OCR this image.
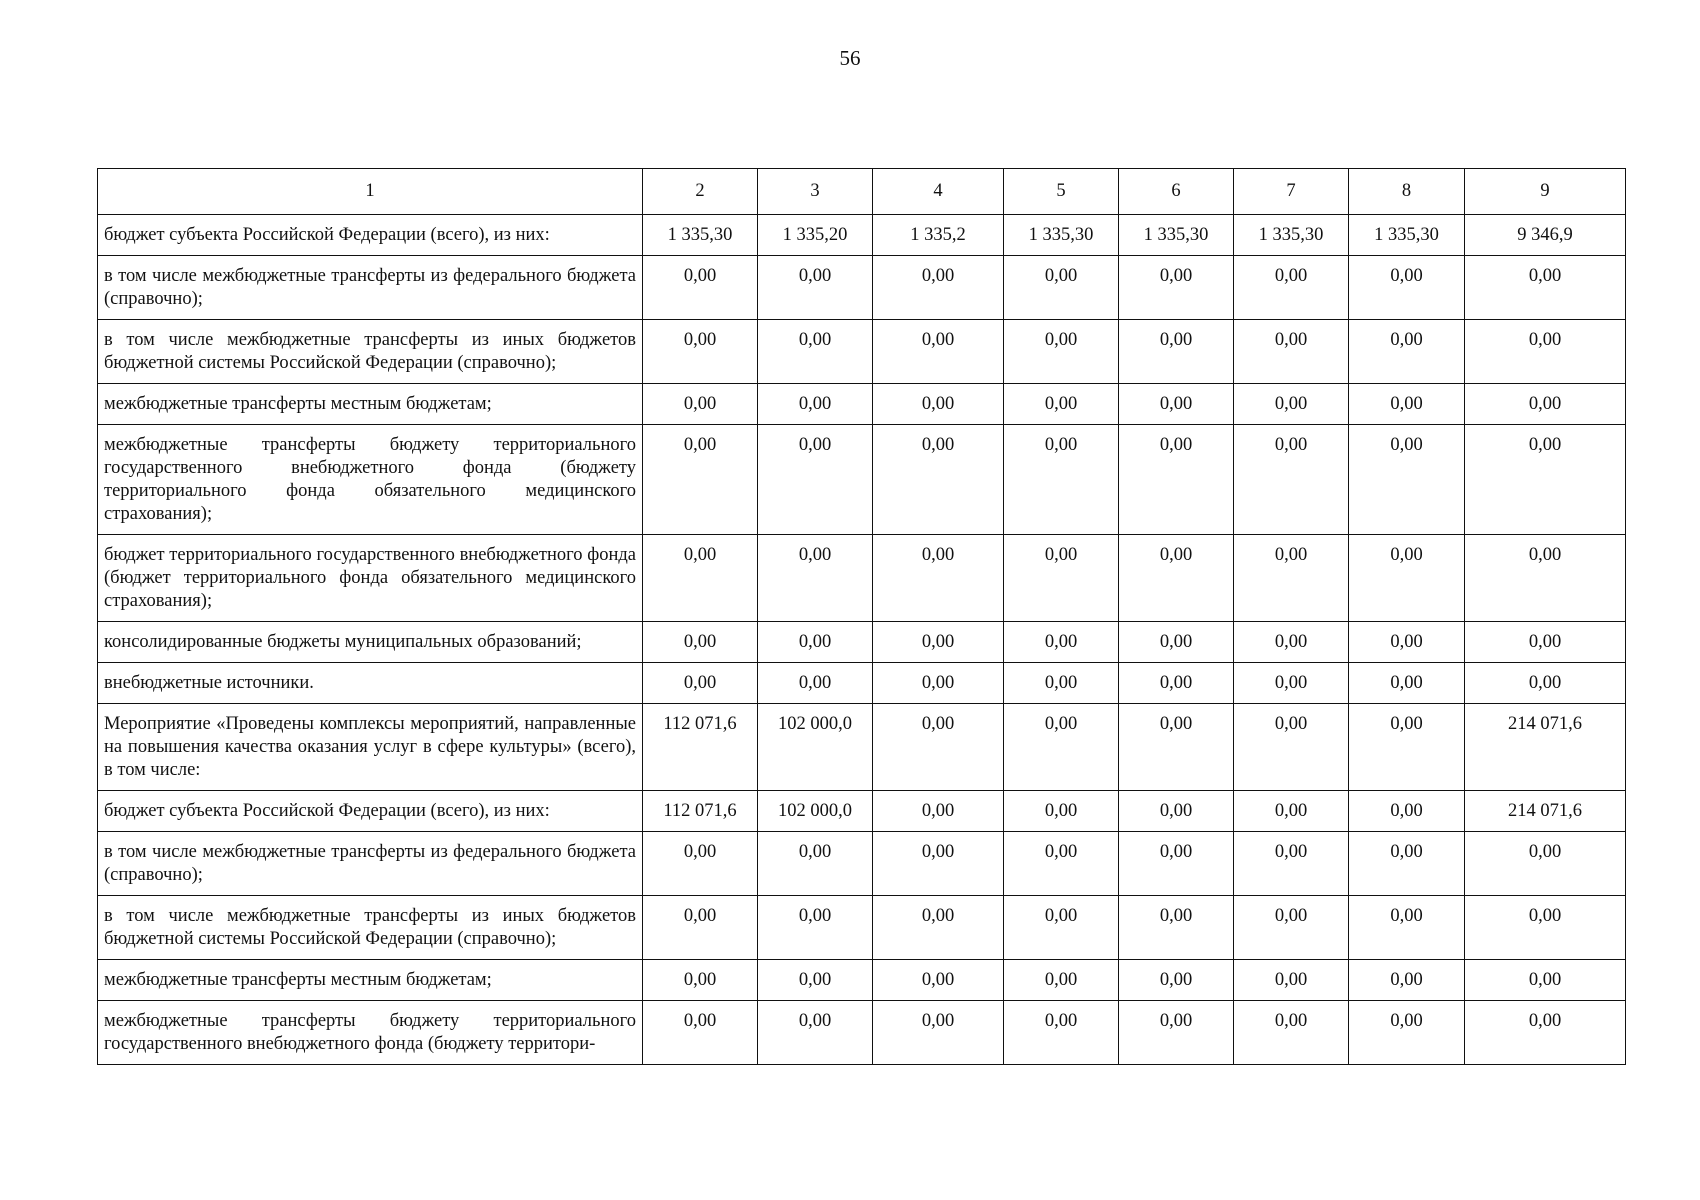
56
1	2	3	4	5	6	7	8	9
бюджет субъекта Российской Федерации (всего), из них:	1 335,30	1 335,20	1 335,2	1 335,30	1 335,30	1 335,30	1 335,30	9 346,9
в том числе межбюджетные трансферты из федерального бюджета (справочно);	0,00	0,00	0,00	0,00	0,00	0,00	0,00	0,00
в том числе межбюджетные трансферты из иных бюджетов бюджетной системы Российской Федерации (справочно);	0,00	0,00	0,00	0,00	0,00	0,00	0,00	0,00
межбюджетные трансферты местным бюджетам;	0,00	0,00	0,00	0,00	0,00	0,00	0,00	0,00
межбюджетные трансферты бюджету территориального государственного внебюджетного фонда (бюджету территориального фонда обязательного медицинского страхования);	0,00	0,00	0,00	0,00	0,00	0,00	0,00	0,00
бюджет территориального государственного внебюджетного фонда (бюджет территориального фонда обязательного медицинского страхования);	0,00	0,00	0,00	0,00	0,00	0,00	0,00	0,00
консолидированные бюджеты муниципальных образований;	0,00	0,00	0,00	0,00	0,00	0,00	0,00	0,00
внебюджетные источники.	0,00	0,00	0,00	0,00	0,00	0,00	0,00	0,00
Мероприятие «Проведены комплексы мероприятий, направленные на повышения качества оказания услуг в сфере культуры» (всего), в том числе:	112 071,6	102 000,0	0,00	0,00	0,00	0,00	0,00	214 071,6
бюджет субъекта Российской Федерации (всего), из них:	112 071,6	102 000,0	0,00	0,00	0,00	0,00	0,00	214 071,6
в том числе межбюджетные трансферты из федерального бюджета (справочно);	0,00	0,00	0,00	0,00	0,00	0,00	0,00	0,00
в том числе межбюджетные трансферты из иных бюджетов бюджетной системы Российской Федерации (справочно);	0,00	0,00	0,00	0,00	0,00	0,00	0,00	0,00
межбюджетные трансферты местным бюджетам;	0,00	0,00	0,00	0,00	0,00	0,00	0,00	0,00
межбюджетные трансферты бюджету территориального государственного внебюджетного фонда (бюджету территори-	0,00	0,00	0,00	0,00	0,00	0,00	0,00	0,00
